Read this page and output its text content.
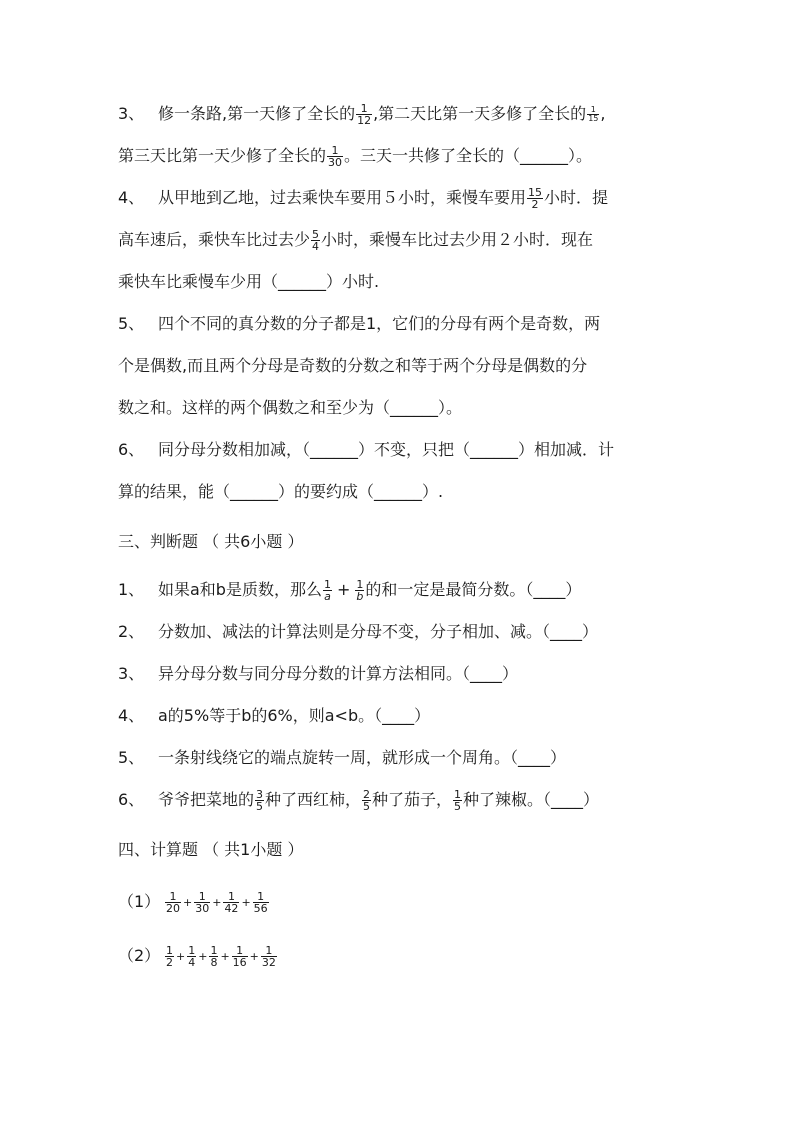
3、 修一条路,第一天修了全长的 $\frac{1}{12}$ ,第二天比第一天多修了全长的 $\frac{1}{15}$ ,
第三天比第一天少修了全长的 $\frac{1}{30}$ 。三天一共修了全长的（______）。
4、 从甲地到乙地，过去乘快车要用５小时，乘慢车要用 $\frac{15}{2}$ 小时．提
高车速后，乘快车比过去少 $\frac{5}{4}$ 小时，乘慢车比过去少用２小时．现在
乘快车比乘慢车少用（______）小时.
5、 四个不同的真分数的分子都是1，它们的分母有两个是奇数，两
个是偶数,而且两个分母是奇数的分数之和等于两个分母是偶数的分
数之和。这样的两个偶数之和至少为（______）。
6、 同分母分数相加减，（______）不变，只把（______）相加减．计
算的结果，能（______）的要约成（______）.
三、判断题 （ 共6小题 ）
1、 如果a和b是质数，那么 $\frac{1}{a} + \frac{1}{b}$ 的和一定是最简分数。（____）
2、 分数加、减法的计算法则是分母不变，分子相加、减。（____）
3、 异分母分数与同分母分数的计算方法相同。（____）
4、 a的5%等于b的6%，则a<b。（____）
5、 一条射线绕它的端点旋转一周，就形成一个周角。（____）
6、 爷爷把菜地的 $\frac{3}{5}$ 种了西红柿， $\frac{2}{5}$ 种了茄子， $\frac{1}{5}$ 种了辣椒。（____）
四、计算题 （ 共1小题 ）
$(1) \frac{1}{20} + \frac{1}{30} + \frac{1}{42} + \frac{1}{56}$
$(2) \frac{1}{2} + \frac{1}{4} + \frac{1}{8} + \frac{1}{16} + \frac{1}{32}$
